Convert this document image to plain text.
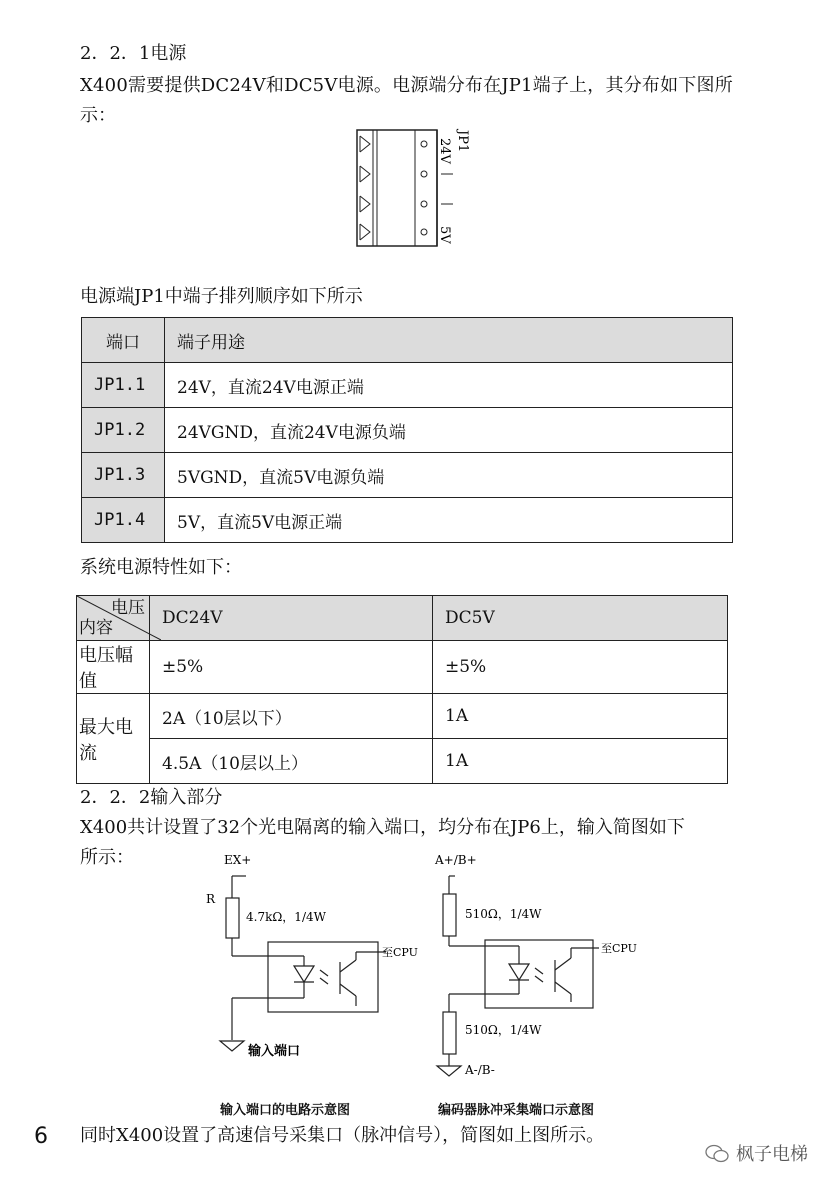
2．2．1电源
X400需要提供DC24V和DC5V电源。电源端分布在JP1端子上，其分布如下图所
示：
24V
5V
JP1
电源端JP1中端子排列顺序如下所示
端口	端子用途
JP1.1	24V，直流24V电源正端
JP1.2	24VGND，直流24V电源负端
JP1.3	5VGND，直流5V电源负端
JP1.4	5V，直流5V电源正端
系统电源特性如下：
电压
内容	DC24V	DC5V
电压幅值	±5%	±5%
最大电流	2A（10层以下）	1A
	4.5A（10层以上）	1A
2．2．2输入部分
X400共计设置了32个光电隔离的输入端口，均分布在JP6上，输入简图如下
所示：	EX+
R
4.7kΩ，1/4W
至CPU
输入端口
A+/B+
510Ω，1/4W
至CPU
510Ω，1/4W
A-/B-
输入端口的电路示意图	编码器脉冲采集端口示意图
6 同时X400设置了高速信号采集口（脉冲信号），简图如上图所示。
枫子电梯
